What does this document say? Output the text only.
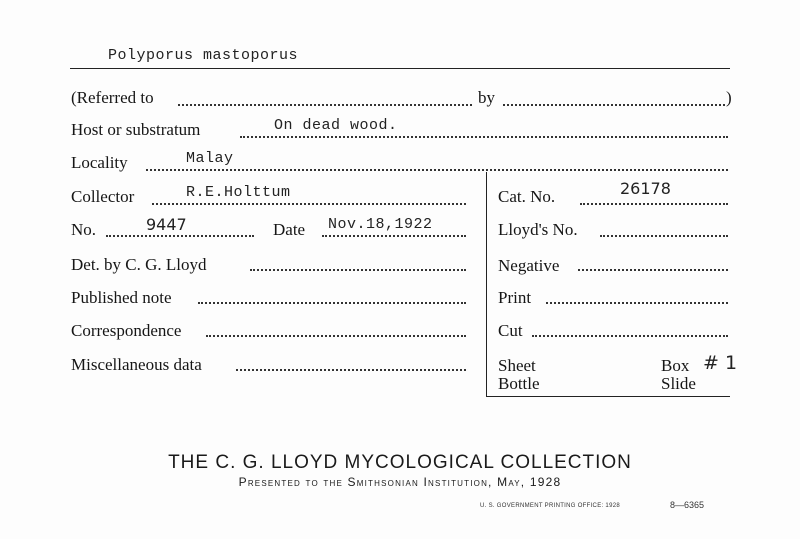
Polyporus mastoporus
(Referred to	by	)
Host or substratum	On dead wood.
Locality	Malay
Collector	R.E.Holttum
No.	9447	Date Nov.18,1922
Det. by C. G. Lloyd
Published note
Correspondence
Miscellaneous data
Cat. No.	26178
Lloyd's No.
Negative
Print
Cut
Sheet
Bottle
Box # 1
Slide
THE C. G. LLOYD MYCOLOGICAL COLLECTION
Presented to the Smithsonian Institution, May, 1928
U. S. GOVERNMENT PRINTING OFFICE: 1928	8—6365
